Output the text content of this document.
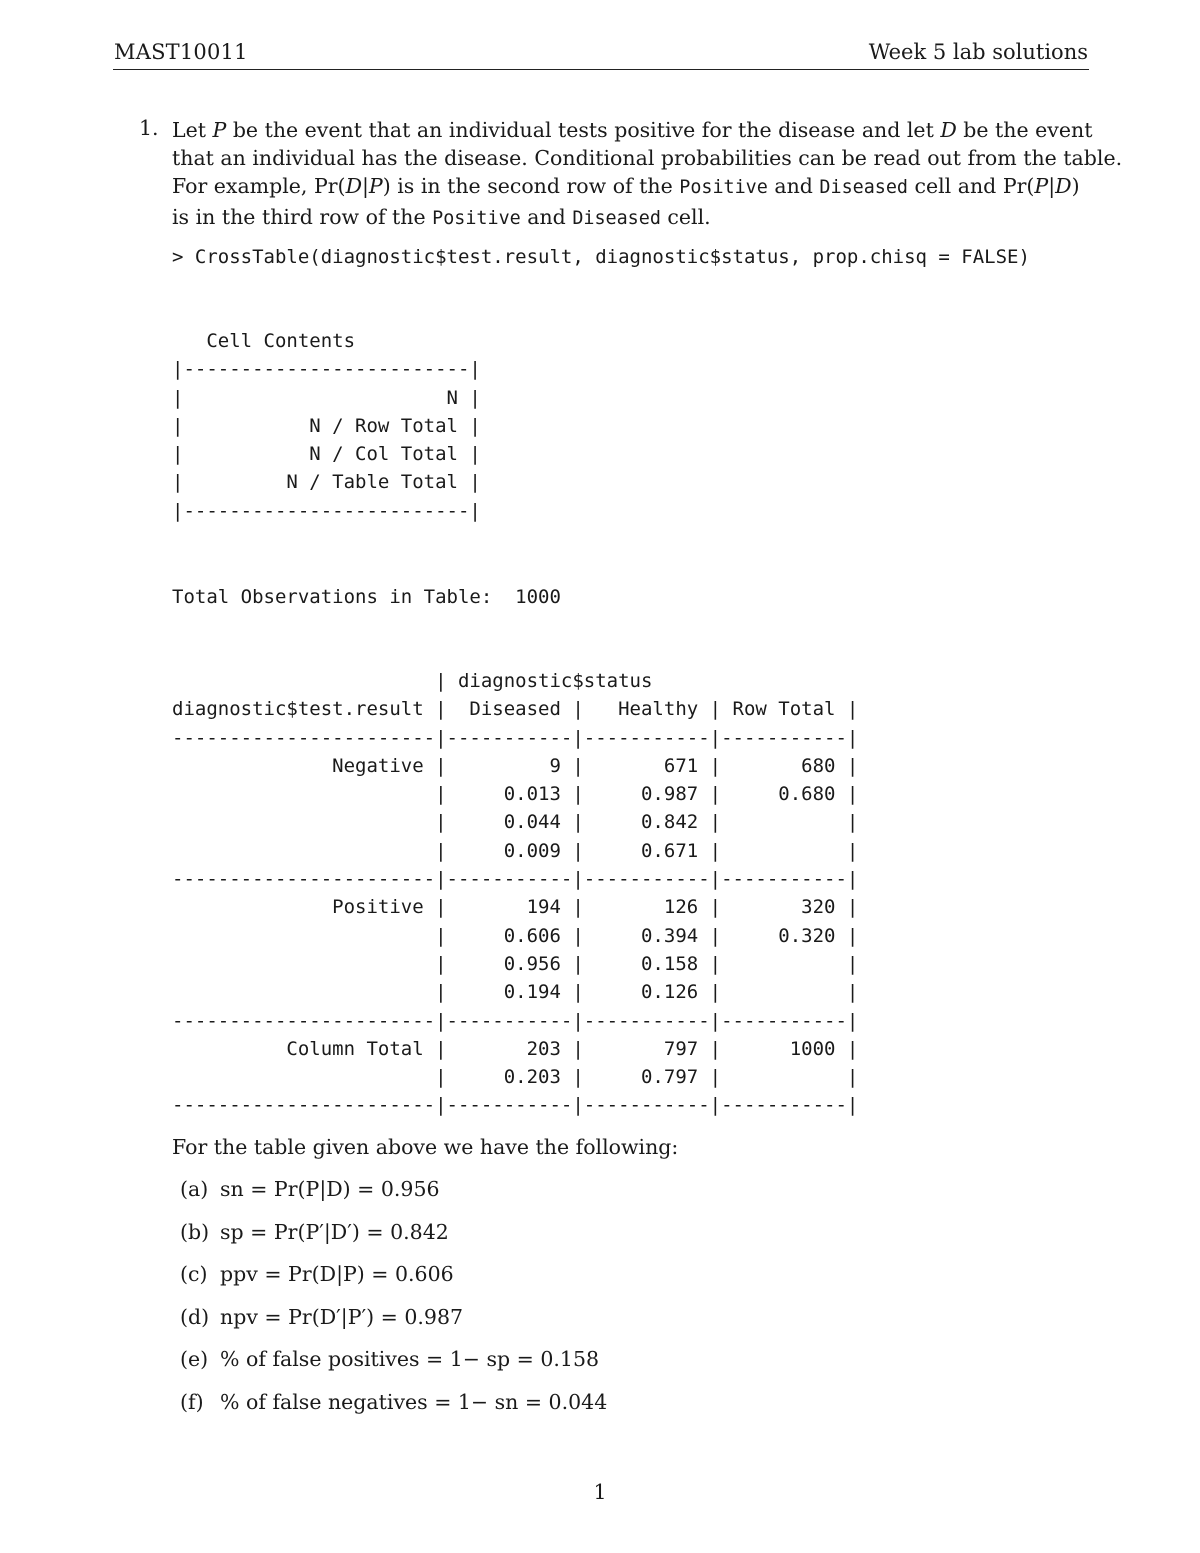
MAST10011	Week 5 lab solutions
1. Let P be the event that an individual tests positive for the disease and let D be the event
that an individual has the disease. Conditional probabilities can be read out from the table.
For example, Pr(D|P) is in the second row of the Positive and Diseased cell and Pr(P|D)
is in the third row of the Positive and Diseased cell.
> CrossTable(diagnostic$test.result, diagnostic$status, prop.chisq = FALSE)
Cell Contents
|-------------------------|
|                       N |
|           N / Row Total |
|           N / Col Total |
|         N / Table Total |
|-------------------------|
Total Observations in Table:  1000
| diagnostic$status
diagnostic$test.result |  Diseased |   Healthy | Row Total |
-----------------------|-----------|-----------|-----------|
Negative |         9 |       671 |       680 |
|     0.013 |     0.987 |     0.680 |
|     0.044 |     0.842 |           |
|     0.009 |     0.671 |           |
-----------------------|-----------|-----------|-----------|
Positive |       194 |       126 |       320 |
|     0.606 |     0.394 |     0.320 |
|     0.956 |     0.158 |           |
|     0.194 |     0.126 |           |
-----------------------|-----------|-----------|-----------|
Column Total |       203 |       797 |      1000 |
|     0.203 |     0.797 |           |
-----------------------|-----------|-----------|-----------|
For the table given above we have the following:
(a) sn = Pr(P|D) = 0.956
(b) sp = Pr(P′|D′) = 0.842
(c) ppv = Pr(D|P) = 0.606
(d) npv = Pr(D′|P′) = 0.987
(e) % of false positives = 1− sp = 0.158
(f) % of false negatives = 1− sn = 0.044
1
